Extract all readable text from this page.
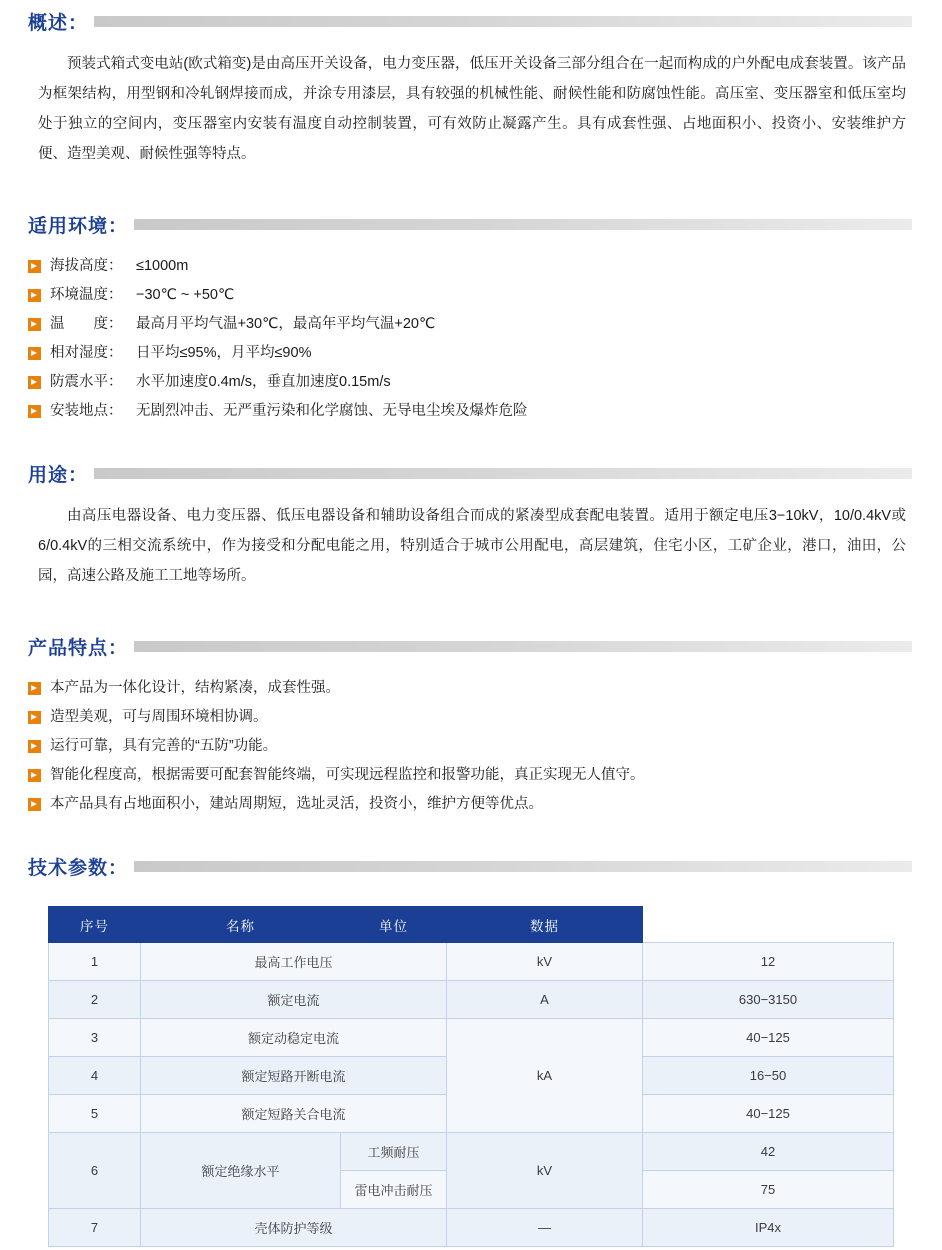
概述：

预装式箱式变电站(欧式箱变)是由高压开关设备，电力变压器，低压开关设备三部分组合在一起而构成的户外配电成套装置。该产品为框架结构，用型钢和冷轧钢焊接而成，并涂专用漆层，具有较强的机械性能、耐候性能和防腐蚀性能。高压室、变压器室和低压室均处于独立的空间内，变压器室内安装有温度自动控制装置，可有效防止凝露产生。具有成套性强、占地面积小、投资小、安装维护方便、造型美观、耐候性强等特点。

适用环境：
海拔高度： ≤1000m
环境温度： −30℃ ~ +50℃
温　　度： 最高月平均气温+30℃，最高年平均气温+20℃
相对湿度： 日平均≤95%，月平均≤90%
防震水平： 水平加速度0.4m/s，垂直加速度0.15m/s
安装地点： 无剧烈冲击、无严重污染和化学腐蚀、无导电尘埃及爆炸危险
用途：

由高压电器设备、电力变压器、低压电器设备和辅助设备组合而成的紧凑型成套配电装置。适用于额定电压3−10kV，10/0.4kV或6/0.4kV的三相交流系统中，作为接受和分配电能之用，特别适合于城市公用配电，高层建筑，住宅小区，工矿企业，港口，油田，公园，高速公路及施工工地等场所。

产品特点：
本产品为一体化设计，结构紧凑，成套性强。
造型美观，可与周围环境相协调。
运行可靠，具有完善的“五防”功能。
智能化程度高，根据需要可配套智能终端，可实现远程监控和报警功能，真正实现无人值守。
本产品具有占地面积小，建站周期短，选址灵活，投资小，维护方便等优点。
技术参数：
序号	名称	单位	数据	
1	最高工作电压		kV	12
2	额定电流		A	630−3150
3	额定动稳定电流		kA	40−125
4	额定短路开断电流			16−50
5	额定短路关合电流			40−125
6	额定绝缘水平	工频耐压	kV	42
		雷电冲击耐压		75
7	壳体防护等级		—	IP4x
